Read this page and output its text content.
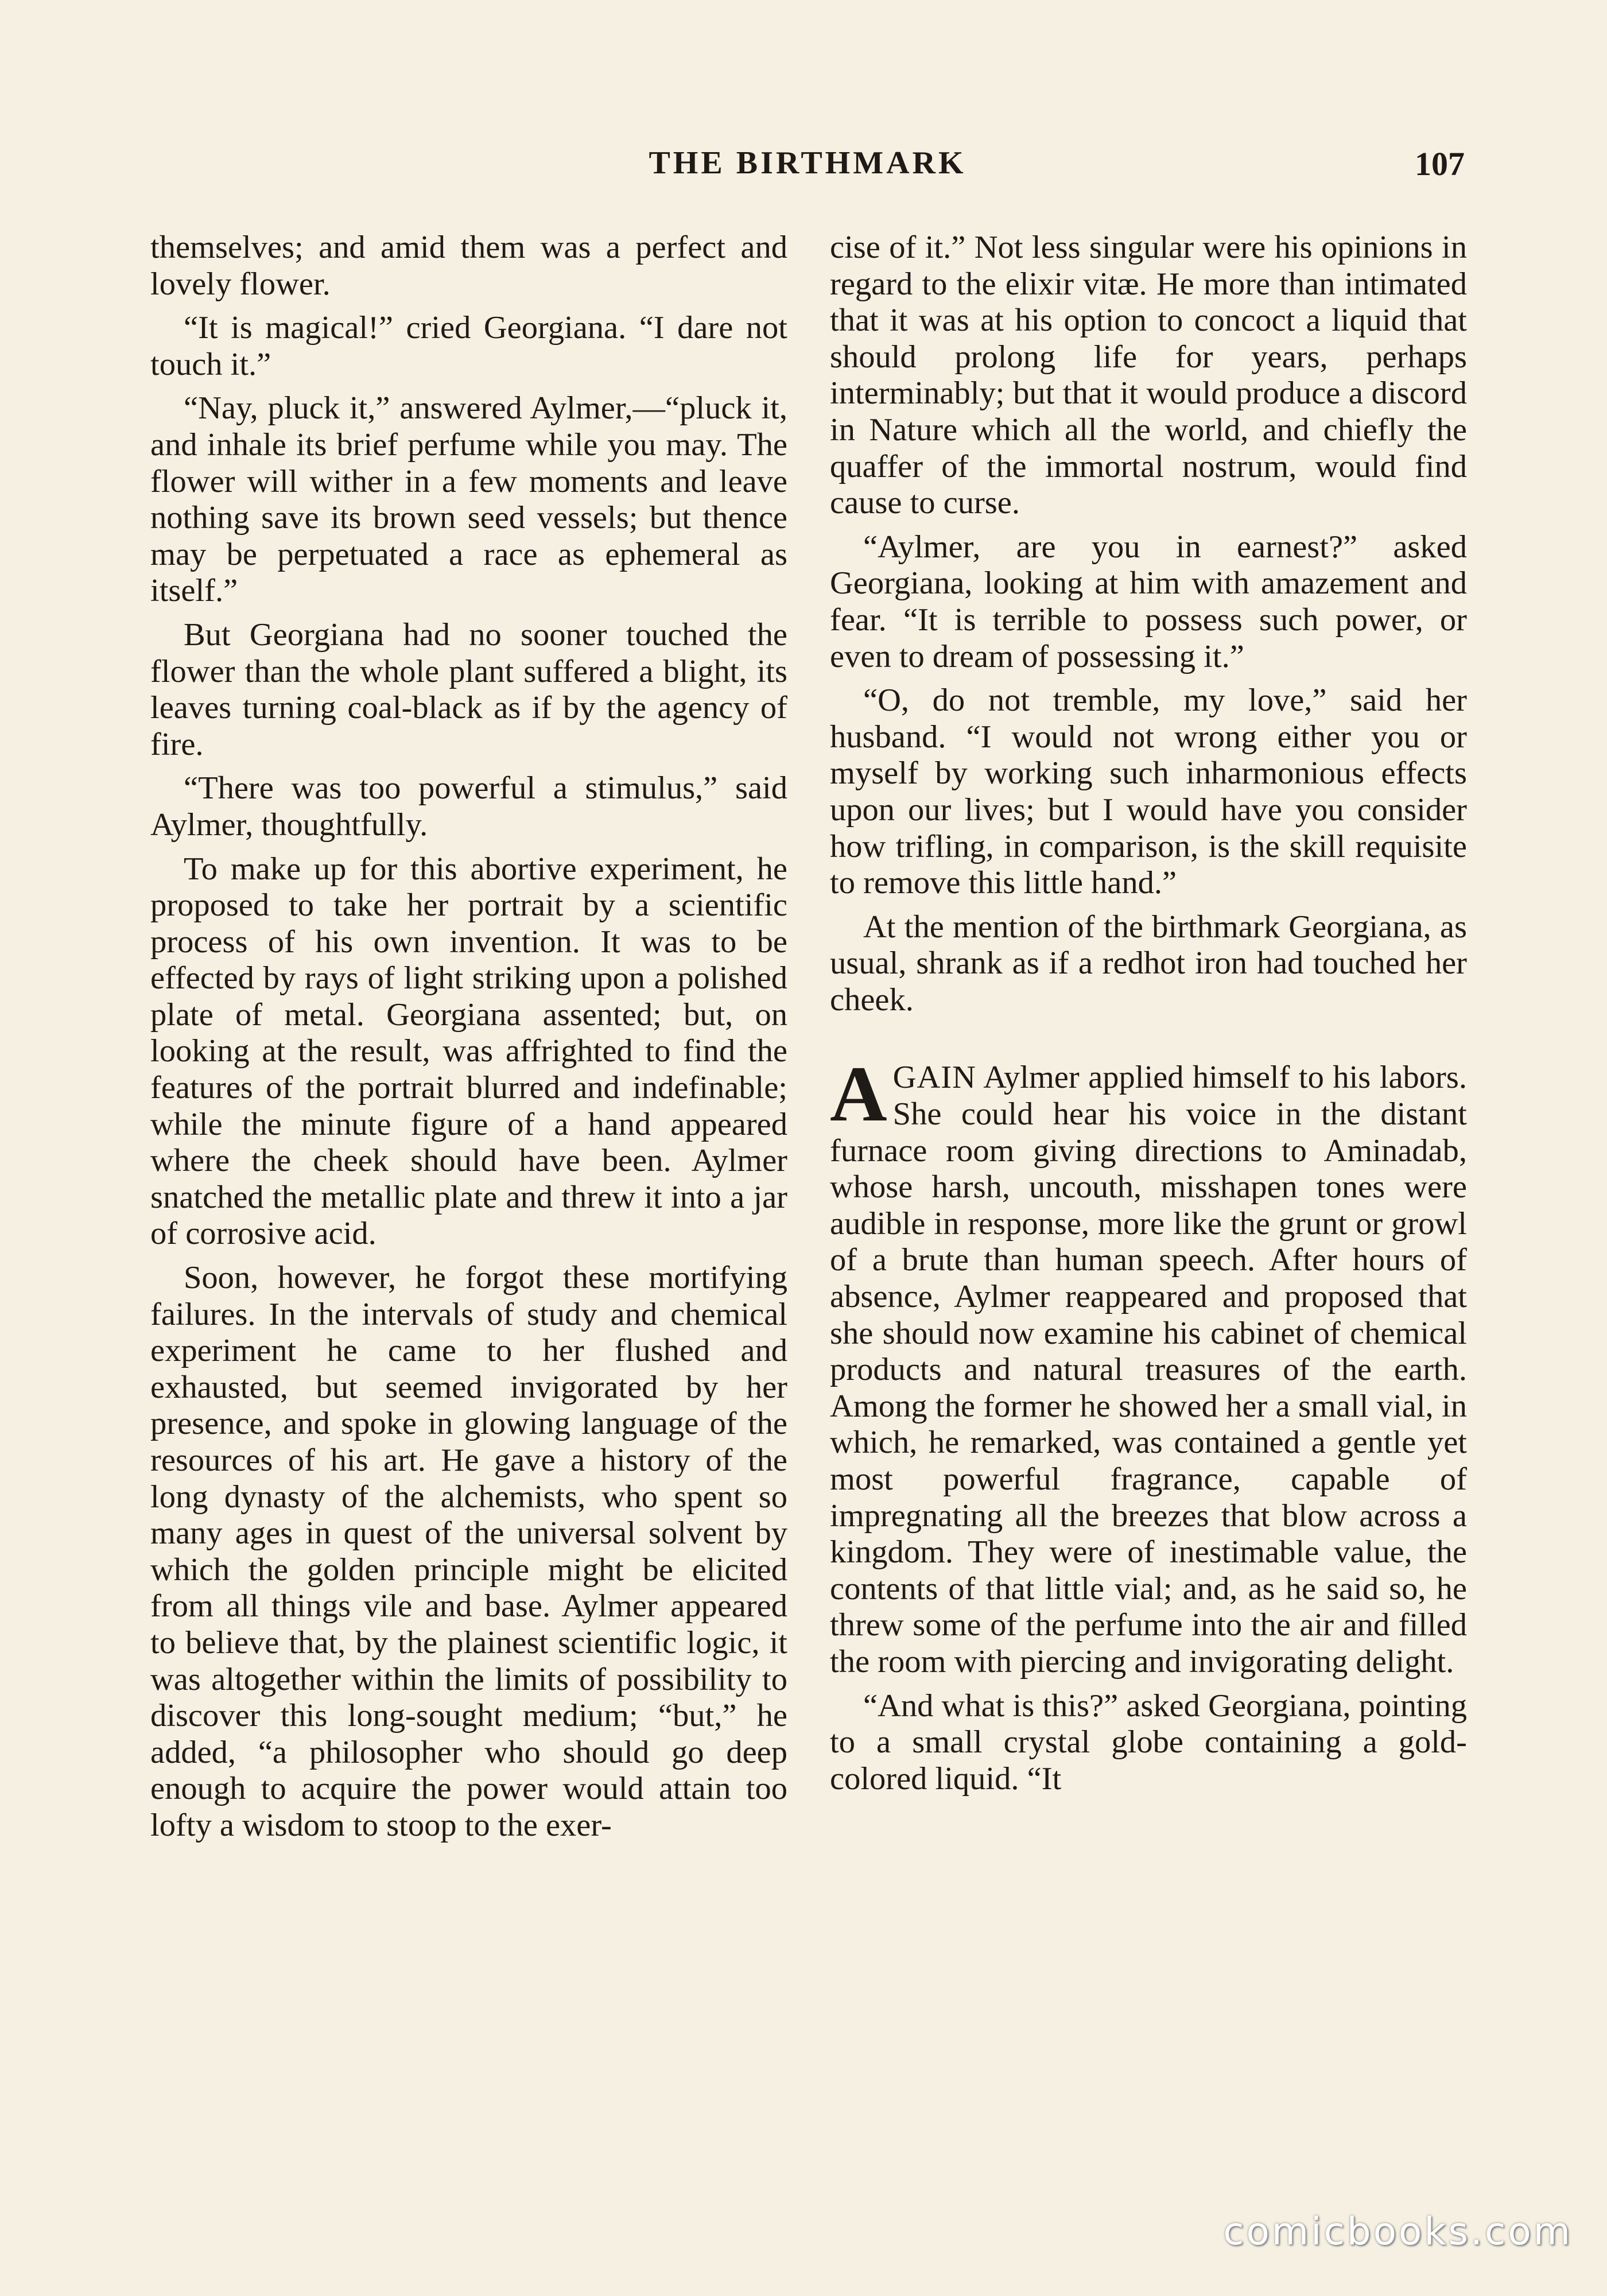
THE BIRTHMARK	107

themselves; and amid them was a perfect and lovely flower.

“It is magical!” cried Georgiana. “I dare not touch it.”

“Nay, pluck it,” answered Aylmer,—“pluck it, and inhale its brief perfume while you may. The flower will wither in a few moments and leave nothing save its brown seed vessels; but thence may be perpetuated a race as ephemeral as itself.”

But Georgiana had no sooner touched the flower than the whole plant suffered a blight, its leaves turning coal-black as if by the agency of fire.

“There was too powerful a stimulus,” said Aylmer, thoughtfully.

To make up for this abortive experiment, he proposed to take her portrait by a scientific process of his own invention. It was to be effected by rays of light striking upon a polished plate of metal. Georgiana assented; but, on looking at the result, was affrighted to find the features of the portrait blurred and indefinable; while the minute figure of a hand appeared where the cheek should have been. Aylmer snatched the metallic plate and threw it into a jar of corrosive acid.

Soon, however, he forgot these mortifying failures. In the intervals of study and chemical experiment he came to her flushed and exhausted, but seemed invigorated by her presence, and spoke in glowing language of the resources of his art. He gave a history of the long dynasty of the alchemists, who spent so many ages in quest of the universal solvent by which the golden principle might be elicited from all things vile and base. Aylmer appeared to believe that, by the plainest scientific logic, it was altogether within the limits of possibility to discover this long-sought medium; “but,” he added, “a philosopher who should go deep enough to acquire the power would attain too lofty a wisdom to stoop to the exer-

cise of it.” Not less singular were his opinions in regard to the elixir vitæ. He more than intimated that it was at his option to concoct a liquid that should prolong life for years, perhaps interminably; but that it would produce a discord in Nature which all the world, and chiefly the quaffer of the immortal nostrum, would find cause to curse.

“Aylmer, are you in earnest?” asked Georgiana, looking at him with amazement and fear. “It is terrible to possess such power, or even to dream of possessing it.”

“O, do not tremble, my love,” said her husband. “I would not wrong either you or myself by working such inharmonious effects upon our lives; but I would have you consider how trifling, in comparison, is the skill requisite to remove this little hand.”

At the mention of the birthmark Georgiana, as usual, shrank as if a redhot iron had touched her cheek.

AGAIN Aylmer applied himself to his labors. She could hear his voice in the distant furnace room giving directions to Aminadab, whose harsh, uncouth, misshapen tones were audible in response, more like the grunt or growl of a brute than human speech. After hours of absence, Aylmer reappeared and proposed that she should now examine his cabinet of chemical products and natural treasures of the earth. Among the former he showed her a small vial, in which, he remarked, was contained a gentle yet most powerful fragrance, capable of impregnating all the breezes that blow across a kingdom. They were of inestimable value, the contents of that little vial; and, as he said so, he threw some of the perfume into the air and filled the room with piercing and invigorating delight.

“And what is this?” asked Georgiana, pointing to a small crystal globe containing a gold-colored liquid. “It

comicbooks.com
